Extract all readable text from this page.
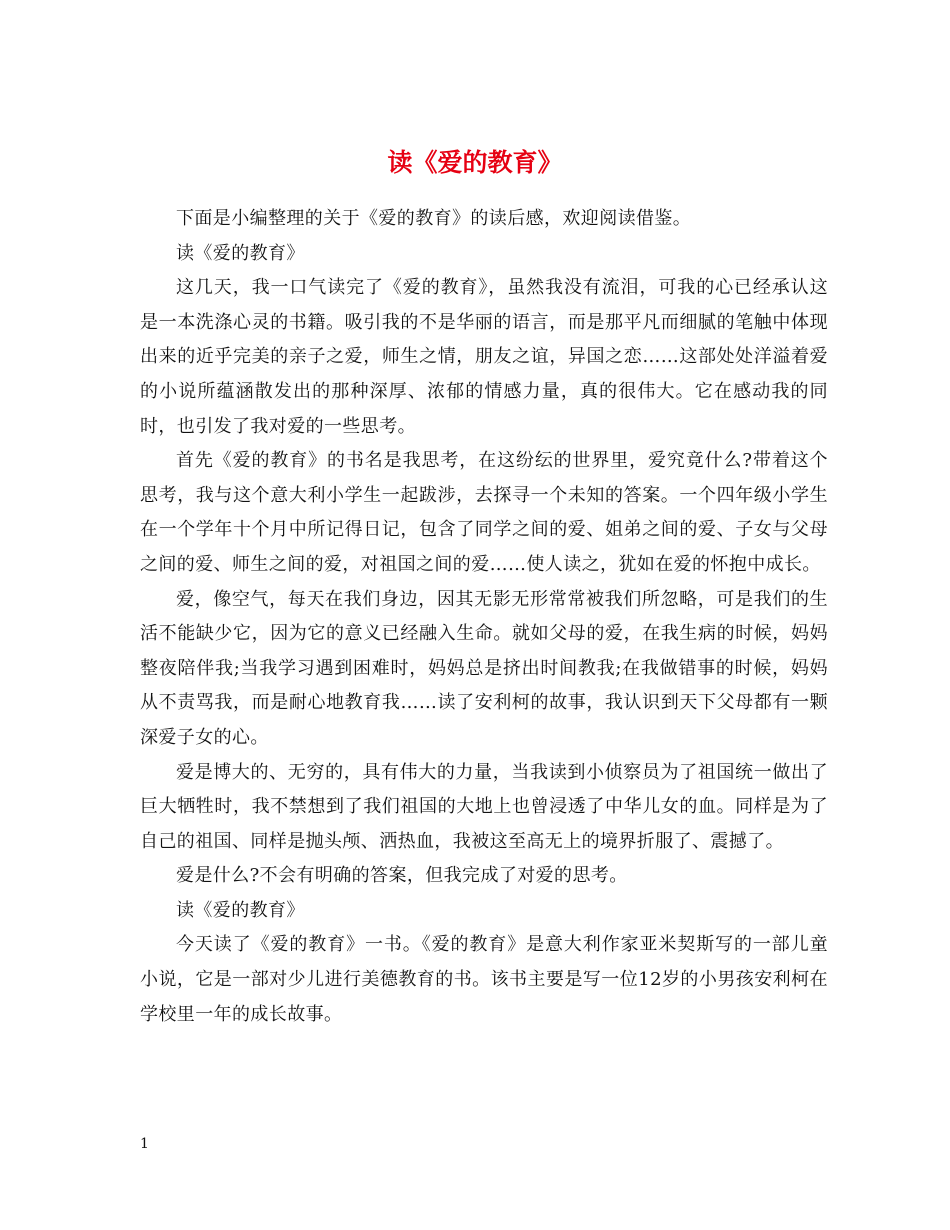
读《爱的教育》

下面是小编整理的关于《爱的教育》的读后感，欢迎阅读借鉴。

读《爱的教育》

这几天，我一口气读完了《爱的教育》，虽然我没有流泪，可我的心已经承认这是一本洗涤心灵的书籍。吸引我的不是华丽的语言，而是那平凡而细腻的笔触中体现出来的近乎完美的亲子之爱，师生之情，朋友之谊，异国之恋……这部处处洋溢着爱的小说所蕴涵散发出的那种深厚、浓郁的情感力量，真的很伟大。它在感动我的同时，也引发了我对爱的一些思考。

首先《爱的教育》的书名是我思考，在这纷纭的世界里，爱究竟什么?带着这个思考，我与这个意大利小学生一起跋涉，去探寻一个未知的答案。一个四年级小学生在一个学年十个月中所记得日记，包含了同学之间的爱、姐弟之间的爱、子女与父母之间的爱、师生之间的爱，对祖国之间的爱……使人读之，犹如在爱的怀抱中成长。

爱，像空气，每天在我们身边，因其无影无形常常被我们所忽略，可是我们的生活不能缺少它，因为它的意义已经融入生命。就如父母的爱，在我生病的时候，妈妈整夜陪伴我;当我学习遇到困难时，妈妈总是挤出时间教我;在我做错事的时候，妈妈从不责骂我，而是耐心地教育我……读了安利柯的故事，我认识到天下父母都有一颗深爱子女的心。

爱是博大的、无穷的，具有伟大的力量，当我读到小侦察员为了祖国统一做出了巨大牺牲时，我不禁想到了我们祖国的大地上也曾浸透了中华儿女的血。同样是为了自己的祖国、同样是抛头颅、洒热血，我被这至高无上的境界折服了、震撼了。

爱是什么?不会有明确的答案，但我完成了对爱的思考。

读《爱的教育》

今天读了《爱的教育》一书。《爱的教育》是意大利作家亚米契斯写的一部儿童小说，它是一部对少儿进行美德教育的书。该书主要是写一位12岁的小男孩安利柯在学校里一年的成长故事。

1
